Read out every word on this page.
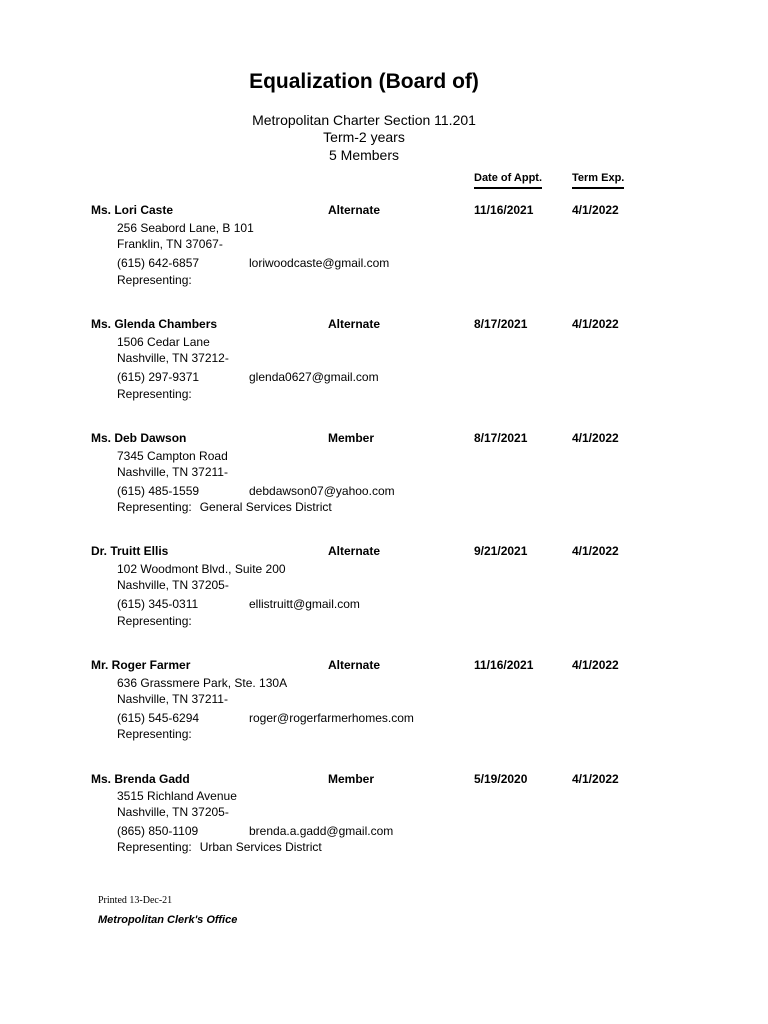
Equalization (Board of)
Metropolitan Charter Section 11.201
Term-2 years
5 Members
Date of Appt.	Term Exp.
Ms. Lori Caste	Alternate	11/16/2021	4/1/2022
256 Seabord Lane, B 101
Franklin, TN 37067-
(615) 642-6857	loriwoodcaste@gmail.com
Representing:
Ms. Glenda Chambers	Alternate	8/17/2021	4/1/2022
1506 Cedar Lane
Nashville, TN 37212-
(615) 297-9371	glenda0627@gmail.com
Representing:
Ms. Deb Dawson	Member	8/17/2021	4/1/2022
7345 Campton Road
Nashville, TN 37211-
(615) 485-1559	debdawson07@yahoo.com
Representing: General Services District
Dr. Truitt Ellis	Alternate	9/21/2021	4/1/2022
102 Woodmont Blvd., Suite 200
Nashville, TN 37205-
(615) 345-0311	ellistruitt@gmail.com
Representing:
Mr. Roger Farmer	Alternate	11/16/2021	4/1/2022
636 Grassmere Park, Ste. 130A
Nashville, TN 37211-
(615) 545-6294	roger@rogerfarmerhomes.com
Representing:
Ms. Brenda Gadd	Member	5/19/2020	4/1/2022
3515 Richland Avenue
Nashville, TN 37205-
(865) 850-1109	brenda.a.gadd@gmail.com
Representing: Urban Services District
Printed 13-Dec-21
Metropolitan Clerk's Office
